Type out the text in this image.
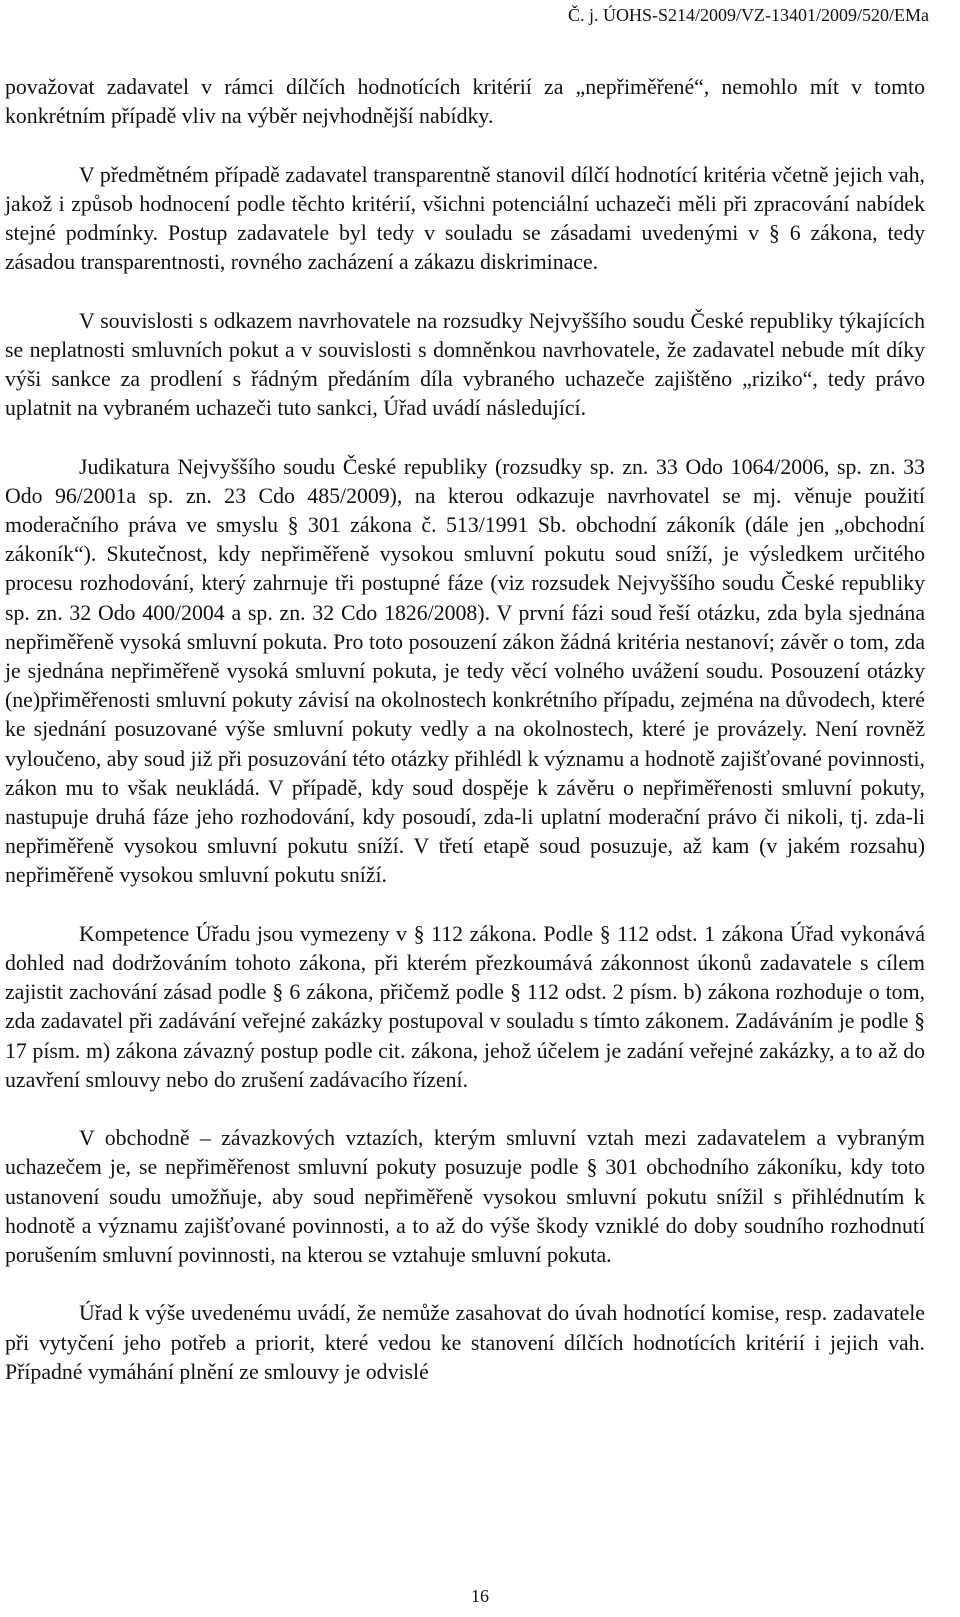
Č. j. ÚOHS-S214/2009/VZ-13401/2009/520/EMa

považovat zadavatel v rámci dílčích hodnotících kritérií za „nepřiměřené“, nemohlo mít v tomto konkrétním případě vliv na výběr nejvhodnější nabídky.

V předmětném případě zadavatel transparentně stanovil dílčí hodnotící kritéria včetně jejich vah, jakož i způsob hodnocení podle těchto kritérií, všichni potenciální uchazeči měli při zpracování nabídek stejné podmínky. Postup zadavatele byl tedy v souladu se zásadami uvedenými v § 6 zákona, tedy zásadou transparentnosti, rovného zacházení a zákazu diskriminace.

V souvislosti s odkazem navrhovatele na rozsudky Nejvyššího soudu České republiky týkajících se neplatnosti smluvních pokut a v souvislosti s domněnkou navrhovatele, že zadavatel nebude mít díky výši sankce za prodlení s řádným předáním díla vybraného uchazeče zajištěno „riziko“, tedy právo uplatnit na vybraném uchazeči tuto sankci, Úřad uvádí následující.

Judikatura Nejvyššího soudu České republiky (rozsudky sp. zn. 33 Odo 1064/2006, sp. zn. 33 Odo 96/2001a sp. zn. 23 Cdo 485/2009), na kterou odkazuje navrhovatel se mj. věnuje použití moderačního práva ve smyslu § 301 zákona č. 513/1991 Sb. obchodní zákoník (dále jen „obchodní zákoník“). Skutečnost, kdy nepřiměřeně vysokou smluvní pokutu soud sníží, je výsledkem určitého procesu rozhodování, který zahrnuje tři postupné fáze (viz rozsudek Nejvyššího soudu České republiky sp. zn. 32 Odo 400/2004 a sp. zn. 32 Cdo 1826/2008). V první fázi soud řeší otázku, zda byla sjednána nepřiměřeně vysoká smluvní pokuta. Pro toto posouzení zákon žádná kritéria nestanoví; závěr o tom, zda je sjednána nepřiměřeně vysoká smluvní pokuta, je tedy věcí volného uvážení soudu. Posouzení otázky (ne)přiměřenosti smluvní pokuty závisí na okolnostech konkrétního případu, zejména na důvodech, které ke sjednání posuzované výše smluvní pokuty vedly a na okolnostech, které je provázely. Není rovněž vyloučeno, aby soud již při posuzování této otázky přihlédl k významu a hodnotě zajišťované povinnosti, zákon mu to však neukládá. V případě, kdy soud dospěje k závěru o nepřiměřenosti smluvní pokuty, nastupuje druhá fáze jeho rozhodování, kdy posoudí, zda-li uplatní moderační právo či nikoli, tj. zda-li nepřiměřeně vysokou smluvní pokutu sníží. V třetí etapě soud posuzuje, až kam (v jakém rozsahu) nepřiměřeně vysokou smluvní pokutu sníží.

Kompetence Úřadu jsou vymezeny v § 112 zákona. Podle § 112 odst. 1 zákona Úřad vykonává dohled nad dodržováním tohoto zákona, při kterém přezkoumává zákonnost úkonů zadavatele s cílem zajistit zachování zásad podle § 6 zákona, přičemž podle § 112 odst. 2 písm. b) zákona rozhoduje o tom, zda zadavatel při zadávání veřejné zakázky postupoval v souladu s tímto zákonem. Zadáváním je podle § 17 písm. m) zákona závazný postup podle cit. zákona, jehož účelem je zadání veřejné zakázky, a to až do uzavření smlouvy nebo do zrušení zadávacího řízení.

V obchodně – závazkových vztazích, kterým smluvní vztah mezi zadavatelem a vybraným uchazečem je, se nepřiměřenost smluvní pokuty posuzuje podle § 301 obchodního zákoníku, kdy toto ustanovení soudu umožňuje, aby soud nepřiměřeně vysokou smluvní pokutu snížil s přihlédnutím k hodnotě a významu zajišťované povinnosti, a to až do výše škody vzniklé do doby soudního rozhodnutí porušením smluvní povinnosti, na kterou se vztahuje smluvní pokuta.

Úřad k výše uvedenému uvádí, že nemůže zasahovat do úvah hodnotící komise, resp. zadavatele při vytyčení jeho potřeb a priorit, které vedou ke stanovení dílčích hodnotících kritérií i jejich vah. Případné vymáhání plnění ze smlouvy je odvislé

16
